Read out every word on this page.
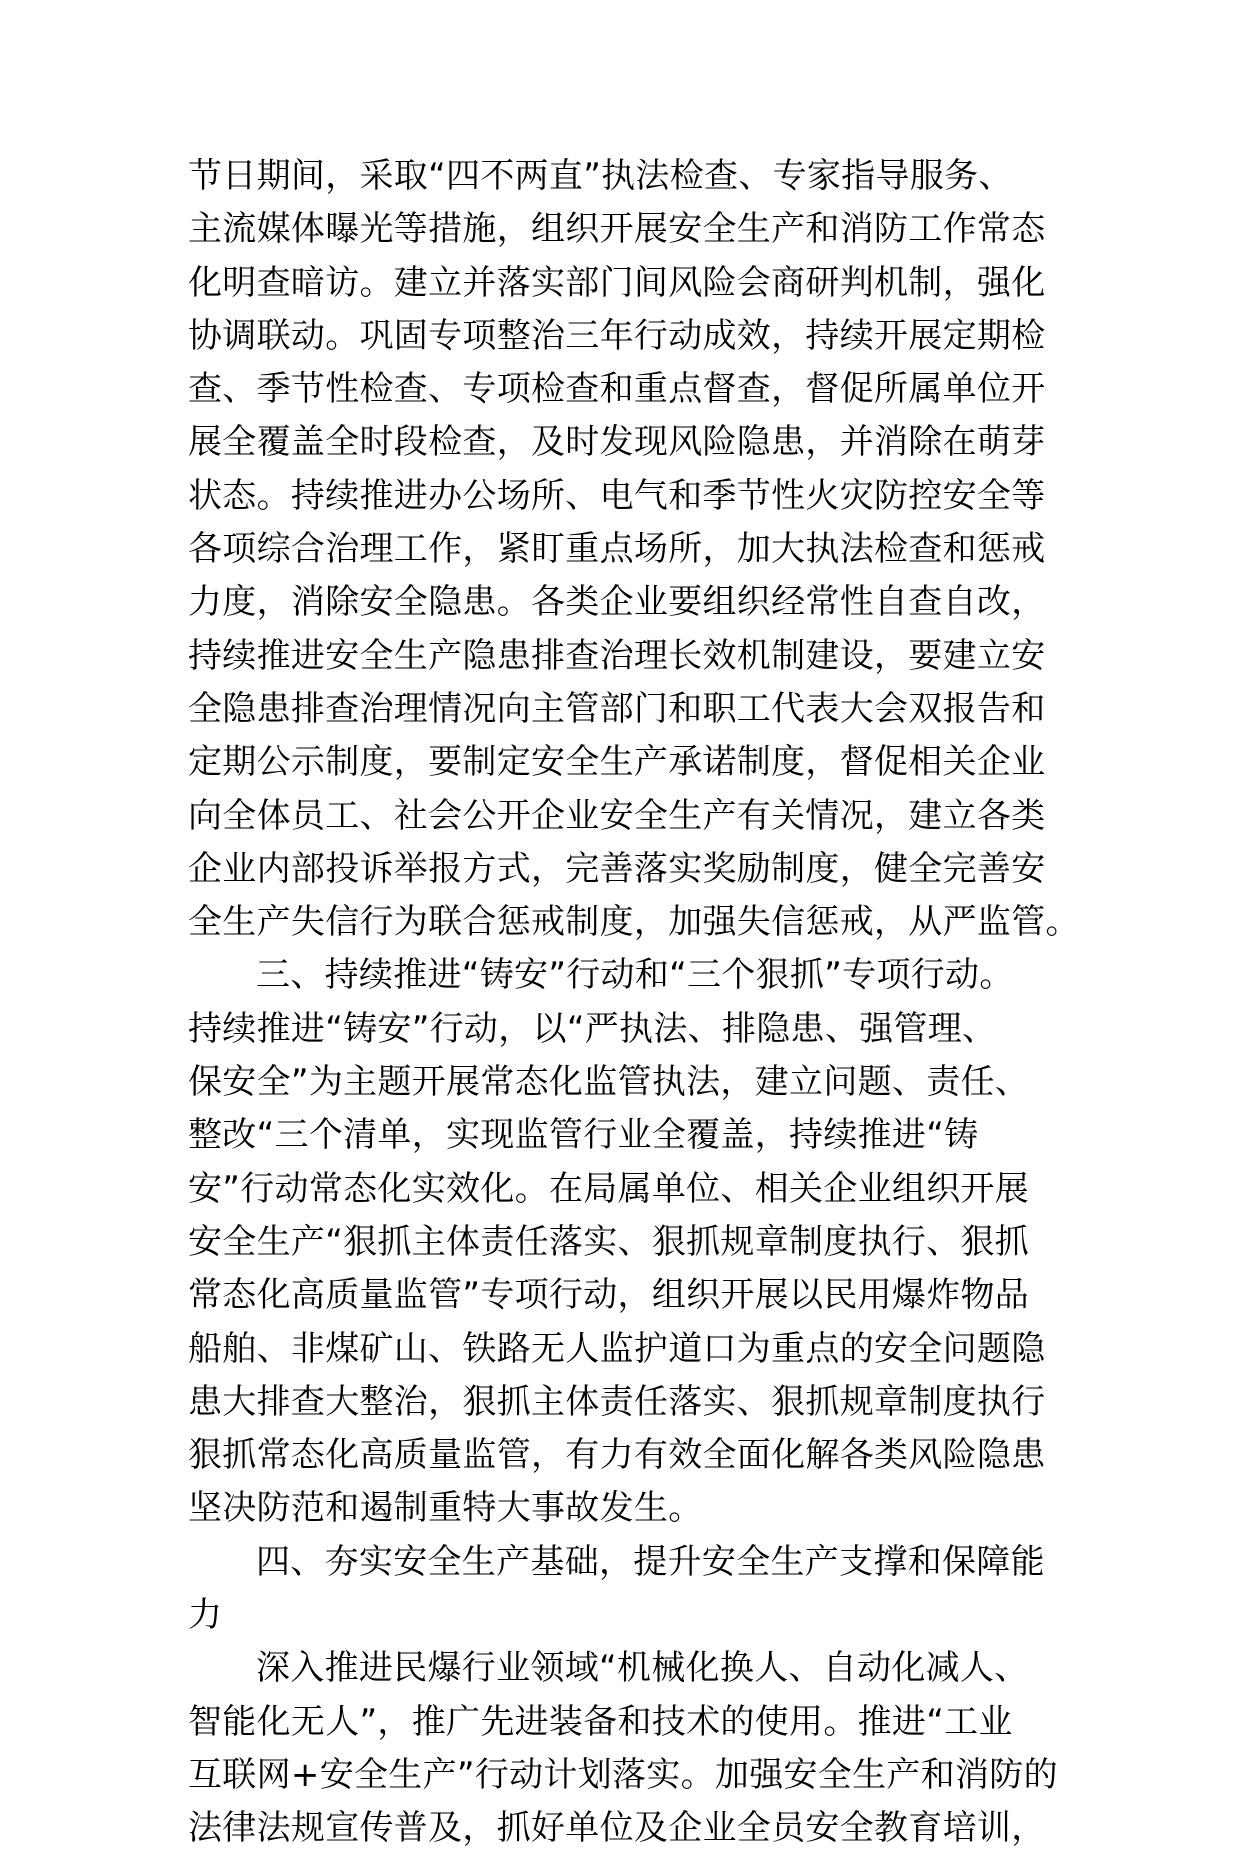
节日期间，采取“四不两直”执法检查、专家指导服务、
主流媒体曝光等措施，组织开展安全生产和消防工作常态
化明查暗访。建立并落实部门间风险会商研判机制，强化
协调联动。巩固专项整治三年行动成效，持续开展定期检
查、季节性检查、专项检查和重点督查，督促所属单位开
展全覆盖全时段检查，及时发现风险隐患，并消除在萌芽
状态。持续推进办公场所、电气和季节性火灾防控安全等
各项综合治理工作，紧盯重点场所，加大执法检查和惩戒
力度，消除安全隐患。各类企业要组织经常性自查自改，
持续推进安全生产隐患排查治理长效机制建设，要建立安
全隐患排查治理情况向主管部门和职工代表大会双报告和
定期公示制度，要制定安全生产承诺制度，督促相关企业
向全体员工、社会公开企业安全生产有关情况，建立各类
企业内部投诉举报方式，完善落实奖励制度，健全完善安
全生产失信行为联合惩戒制度，加强失信惩戒，从严监管。
三、持续推进“铸安”行动和“三个狠抓”专项行动。
持续推进“铸安”行动，以“严执法、排隐患、强管理、
保安全”为主题开展常态化监管执法，建立问题、责任、
整改“三个清单，实现监管行业全覆盖，持续推进“铸
安”行动常态化实效化。在局属单位、相关企业组织开展
安全生产“狠抓主体责任落实、狠抓规章制度执行、狠抓
常态化高质量监管”专项行动，组织开展以民用爆炸物品
船舶、非煤矿山、铁路无人监护道口为重点的安全问题隐
患大排查大整治，狠抓主体责任落实、狠抓规章制度执行
狠抓常态化高质量监管，有力有效全面化解各类风险隐患
坚决防范和遏制重特大事故发生。
四、夯实安全生产基础，提升安全生产支撑和保障能
力
深入推进民爆行业领域“机械化换人、自动化减人、
智能化无人”，推广先进装备和技术的使用。推进“工业
互联网+安全生产”行动计划落实。加强安全生产和消防的
法律法规宣传普及，抓好单位及企业全员安全教育培训，
